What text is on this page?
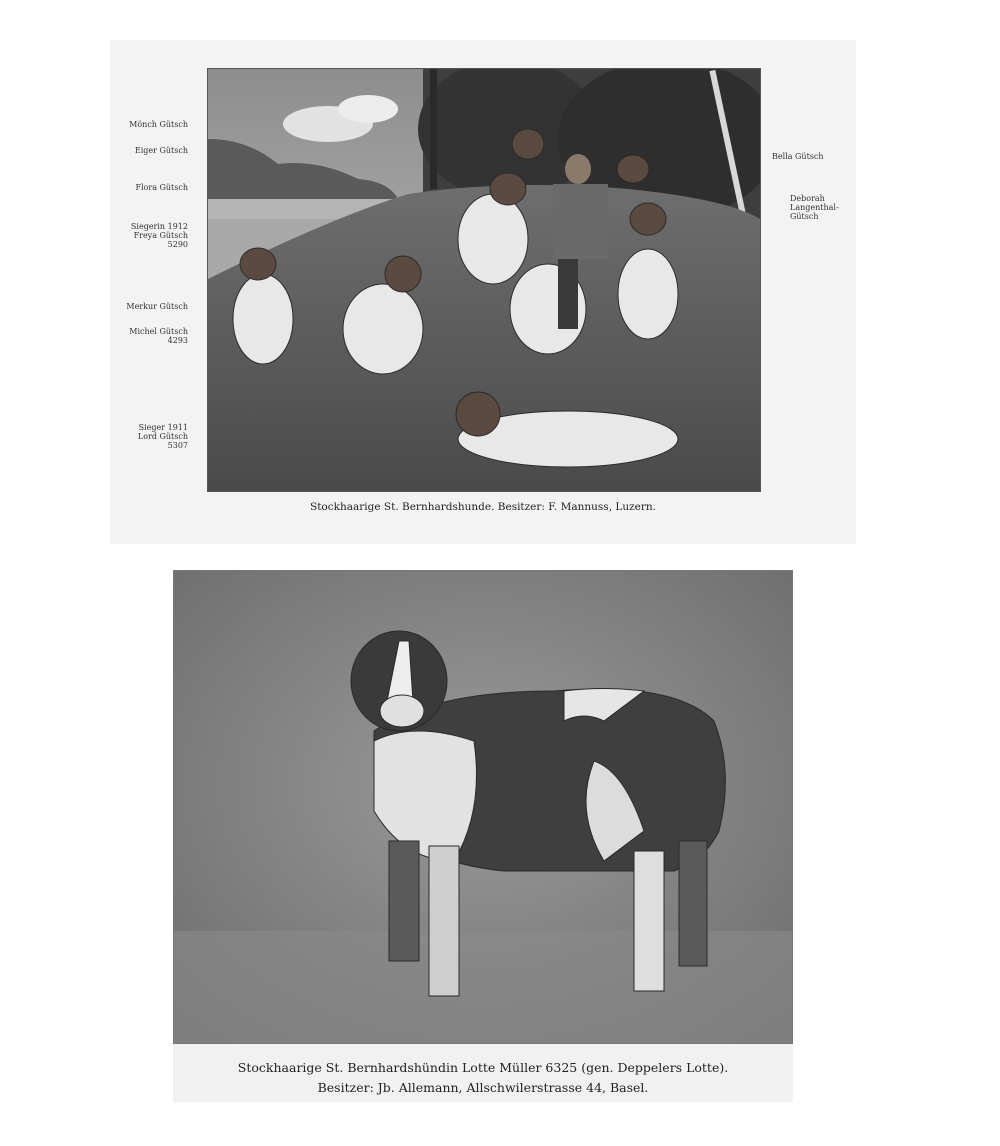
Mönch Gütsch
Eiger Gütsch
Flora Gütsch
Siegerin 1912
Freya Gütsch
5290
Merkur Gütsch
Michel Gütsch
4293
Sieger 1911
Lord Gütsch
5307
Bella Gütsch
Deborah
Langenthal-
Gütsch
Stockhaarige St. Bernhardshunde. Besitzer: F. Mannuss, Luzern.
Stockhaarige St. Bernhardshündin Lotte Müller 6325 (gen. Deppelers Lotte).
Besitzer: Jb. Allemann, Allschwilerstrasse 44, Basel.
